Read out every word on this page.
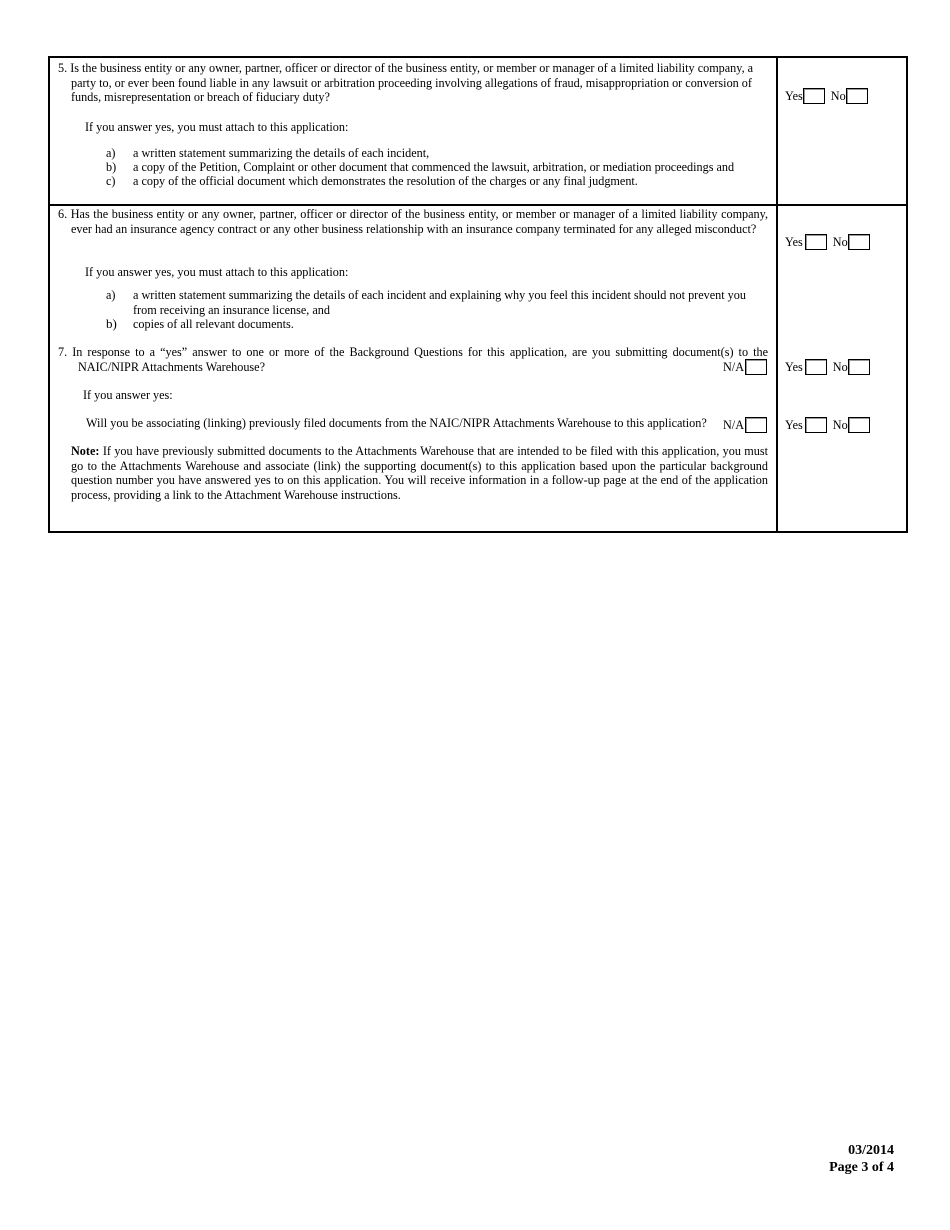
5. Is the business entity or any owner, partner, officer or director of the business entity, or member or manager of a limited liability company, a party to, or ever been found liable in any lawsuit or arbitration proceeding involving allegations of fraud, misappropriation or conversion of funds, misrepresentation or breach of fiduciary duty?
If you answer yes, you must attach to this application:
a) a written statement summarizing the details of each incident,
b) a copy of the Petition, Complaint or other document that commenced the lawsuit, arbitration, or mediation proceedings and
c) a copy of the official document which demonstrates the resolution of the charges or any final judgment.
Yes No
6. Has the business entity or any owner, partner, officer or director of the business entity, or member or manager of a limited liability company, ever had an insurance agency contract or any other business relationship with an insurance company terminated for any alleged misconduct?
If you answer yes, you must attach to this application:
a) a written statement summarizing the details of each incident and explaining why you feel this incident should not prevent you from receiving an insurance license, and
b) copies of all relevant documents.
Yes No
7. In response to a “yes” answer to one or more of the Background Questions for this application, are you submitting document(s) to the NAIC/NIPR Attachments Warehouse?	N/A	Yes No
If you answer yes:
Will you be associating (linking) previously filed documents from the NAIC/NIPR Attachments Warehouse to this application?	N/A	Yes No
Note: If you have previously submitted documents to the Attachments Warehouse that are intended to be filed with this application, you must go to the Attachments Warehouse and associate (link) the supporting document(s) to this application based upon the particular background question number you have answered yes to on this application. You will receive information in a follow-up page at the end of the application process, providing a link to the Attachment Warehouse instructions.
03/2014
Page 3 of 4
